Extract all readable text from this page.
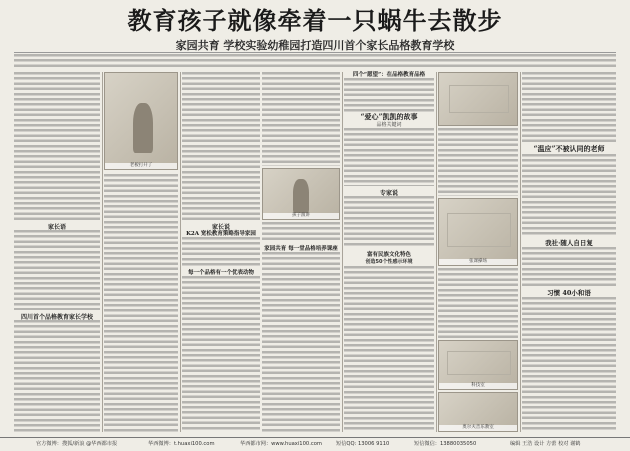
教育孩子就像牵着一只蜗牛去散步
家园共育 学校实验幼稚园打造四川首个家长品格教育学校
家长语
四川首个品格教育家长学校
老板打开了
家长说
K2A 宽松教育策略指导家园
每一个品格有一个优表动物
孩子演讲
家园共育 每一堂品格培养课座
四个“愿望”：在品格教育品格
“爱心”凯凯的故事
品格关键词
专家说
富有民族文化特色
创造50个性感示环境	张课操场
科技室
奥尔夫音乐教室
“温应”不被认同的老师
我社·随人自日复
习惯 40小和语
官方微博：搜狐/新浪 @华西都市报	华西微博：t.huaxi100.com	华西都市网：www.huaxi100.com	短信QQ: 13006 9110	短信微信：13880035050	编辑 王浩 设计 方蕾 校对 谢鹤
